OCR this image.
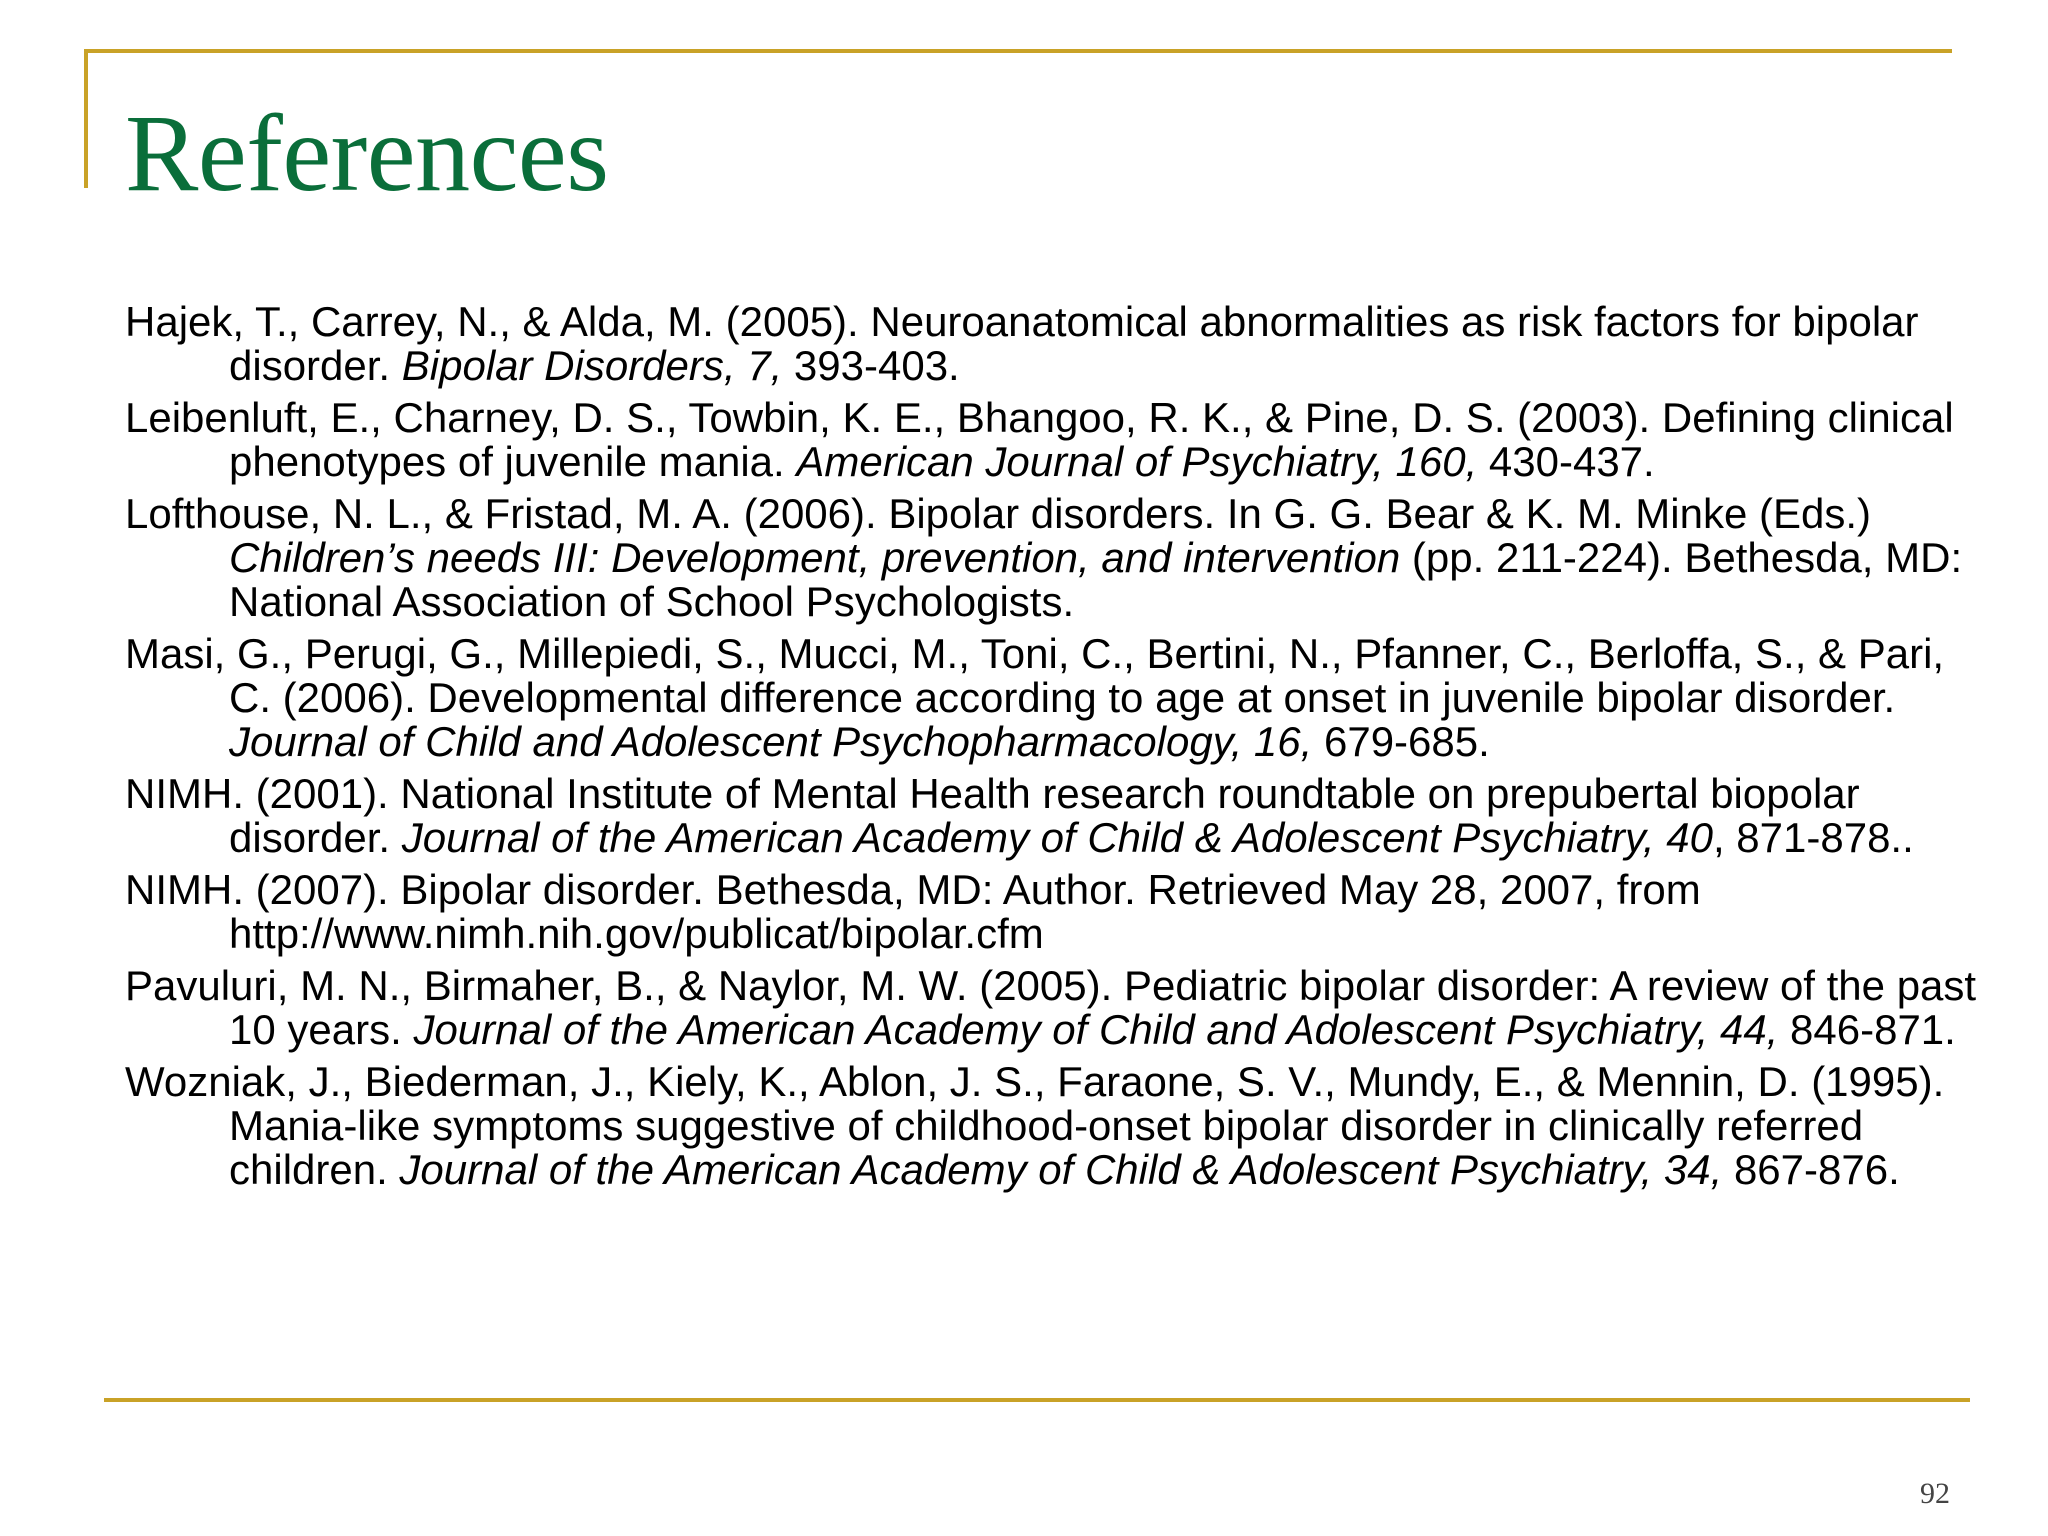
References
Hajek, T., Carrey, N., & Alda, M. (2005). Neuroanatomical abnormalities as risk factors for bipolar disorder. Bipolar Disorders, 7, 393-403.
Leibenluft, E., Charney, D. S., Towbin, K. E., Bhangoo, R. K., & Pine, D. S. (2003). Defining clinical phenotypes of juvenile mania. American Journal of Psychiatry, 160, 430-437.
Lofthouse, N. L., & Fristad, M. A. (2006). Bipolar disorders. In G. G. Bear & K. M. Minke (Eds.) Children’s needs III: Development, prevention, and intervention (pp. 211-224). Bethesda, MD: National Association of School Psychologists.
Masi, G., Perugi, G., Millepiedi, S., Mucci, M., Toni, C., Bertini, N., Pfanner, C., Berloffa, S., & Pari, C. (2006). Developmental difference according to age at onset in juvenile bipolar disorder. Journal of Child and Adolescent Psychopharmacology, 16, 679-685.
NIMH. (2001). National Institute of Mental Health research roundtable on prepubertal biopolar disorder. Journal of the American Academy of Child & Adolescent Psychiatry, 40, 871-878..
NIMH. (2007). Bipolar disorder. Bethesda, MD: Author. Retrieved May 28, 2007, from http://www.nimh.nih.gov/publicat/bipolar.cfm
Pavuluri, M. N., Birmaher, B., & Naylor, M. W. (2005). Pediatric bipolar disorder: A review of the past 10 years. Journal of the American Academy of Child and Adolescent Psychiatry, 44, 846-871.
Wozniak, J., Biederman, J., Kiely, K., Ablon, J. S., Faraone, S. V., Mundy, E., & Mennin, D. (1995). Mania-like symptoms suggestive of childhood-onset bipolar disorder in clinically referred children. Journal of the American Academy of Child & Adolescent Psychiatry, 34, 867-876.
92
